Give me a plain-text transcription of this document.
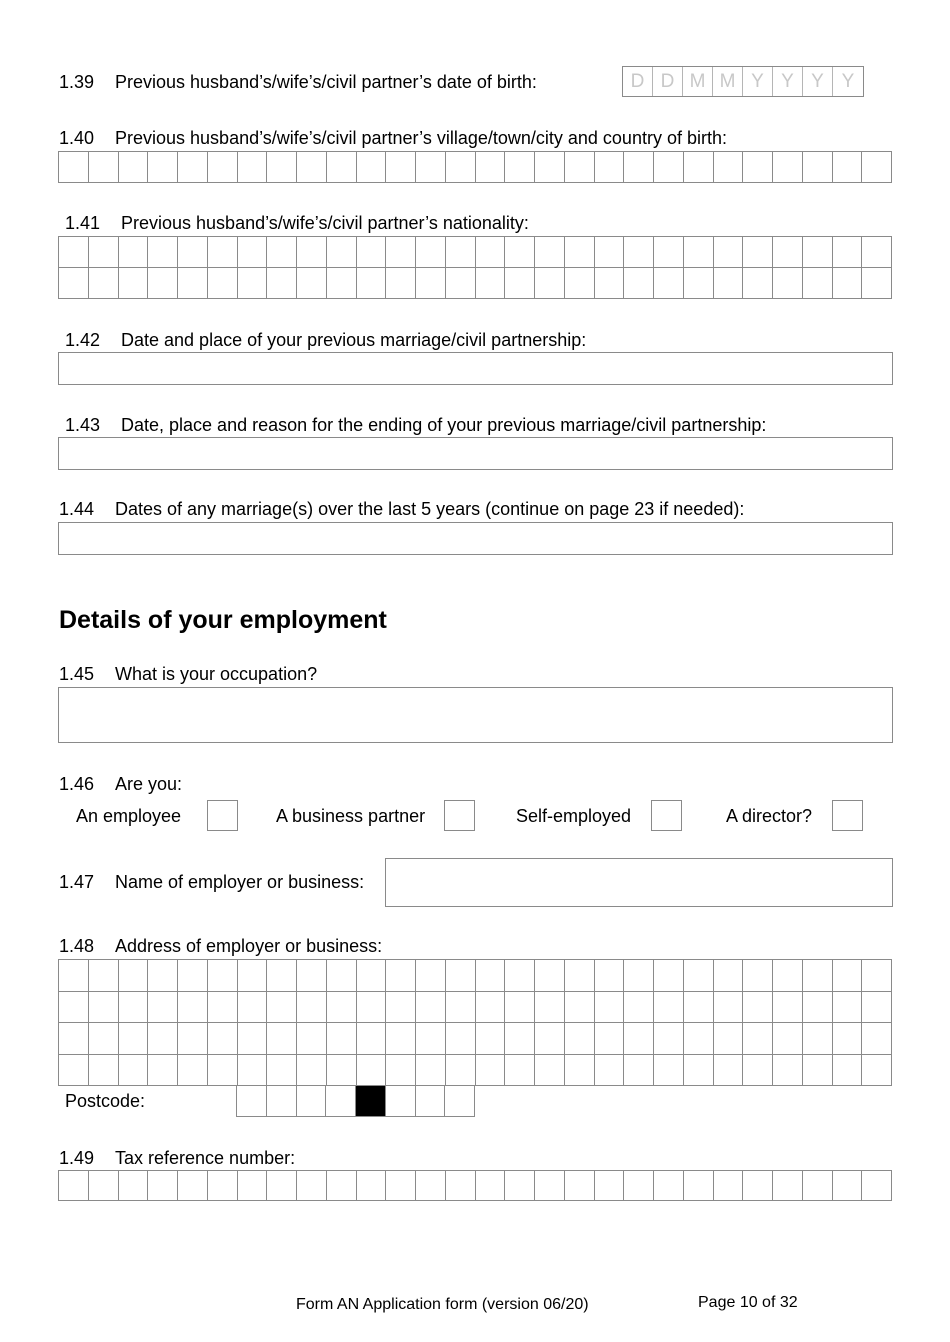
1.39 Previous husband’s/wife’s/civil partner’s date of birth:	D D M M Y Y Y Y
1.40 Previous husband’s/wife’s/civil partner’s village/town/city and country of birth:
1.41 Previous husband’s/wife’s/civil partner’s nationality:
1.42 Date and place of your previous marriage/civil partnership:
1.43 Date, place and reason for the ending of your previous marriage/civil partnership:
1.44 Dates of any marriage(s) over the last 5 years (continue on page 23 if needed):
Details of your employment
1.45 What is your occupation?
1.46 Are you:
An employee	A business partner	Self-employed	A director?
1.47 Name of employer or business:
1.48 Address of employer or business:
Postcode:
1.49 Tax reference number:
Form AN Application form (version 06/20)	Page 10 of 32
